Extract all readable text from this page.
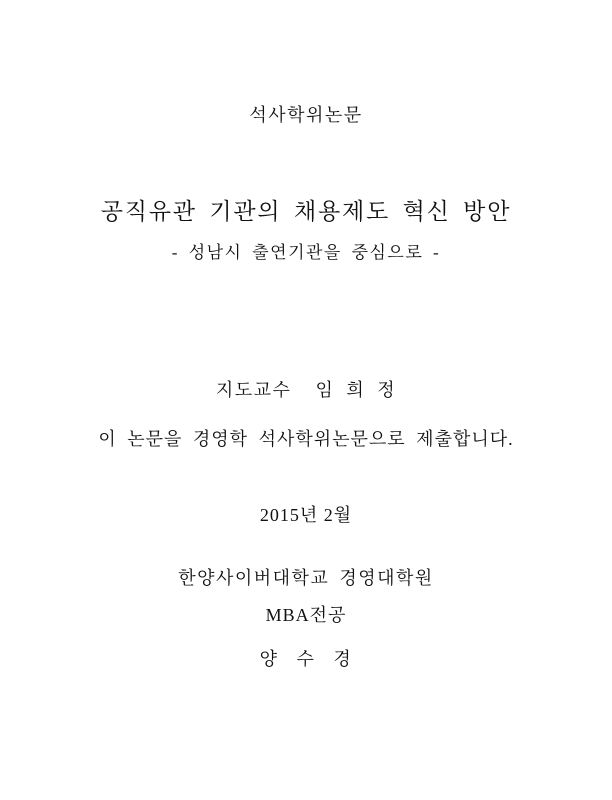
석사학위논문
공직유관 기관의 채용제도 혁신 방안
- 성남시 출연기관을 중심으로 -
지도교수    임  희  정
이 논문을 경영학 석사학위논문으로 제출합니다.
2015년 2월
한양사이버대학교 경영대학원
MBA전공
양   수   경
